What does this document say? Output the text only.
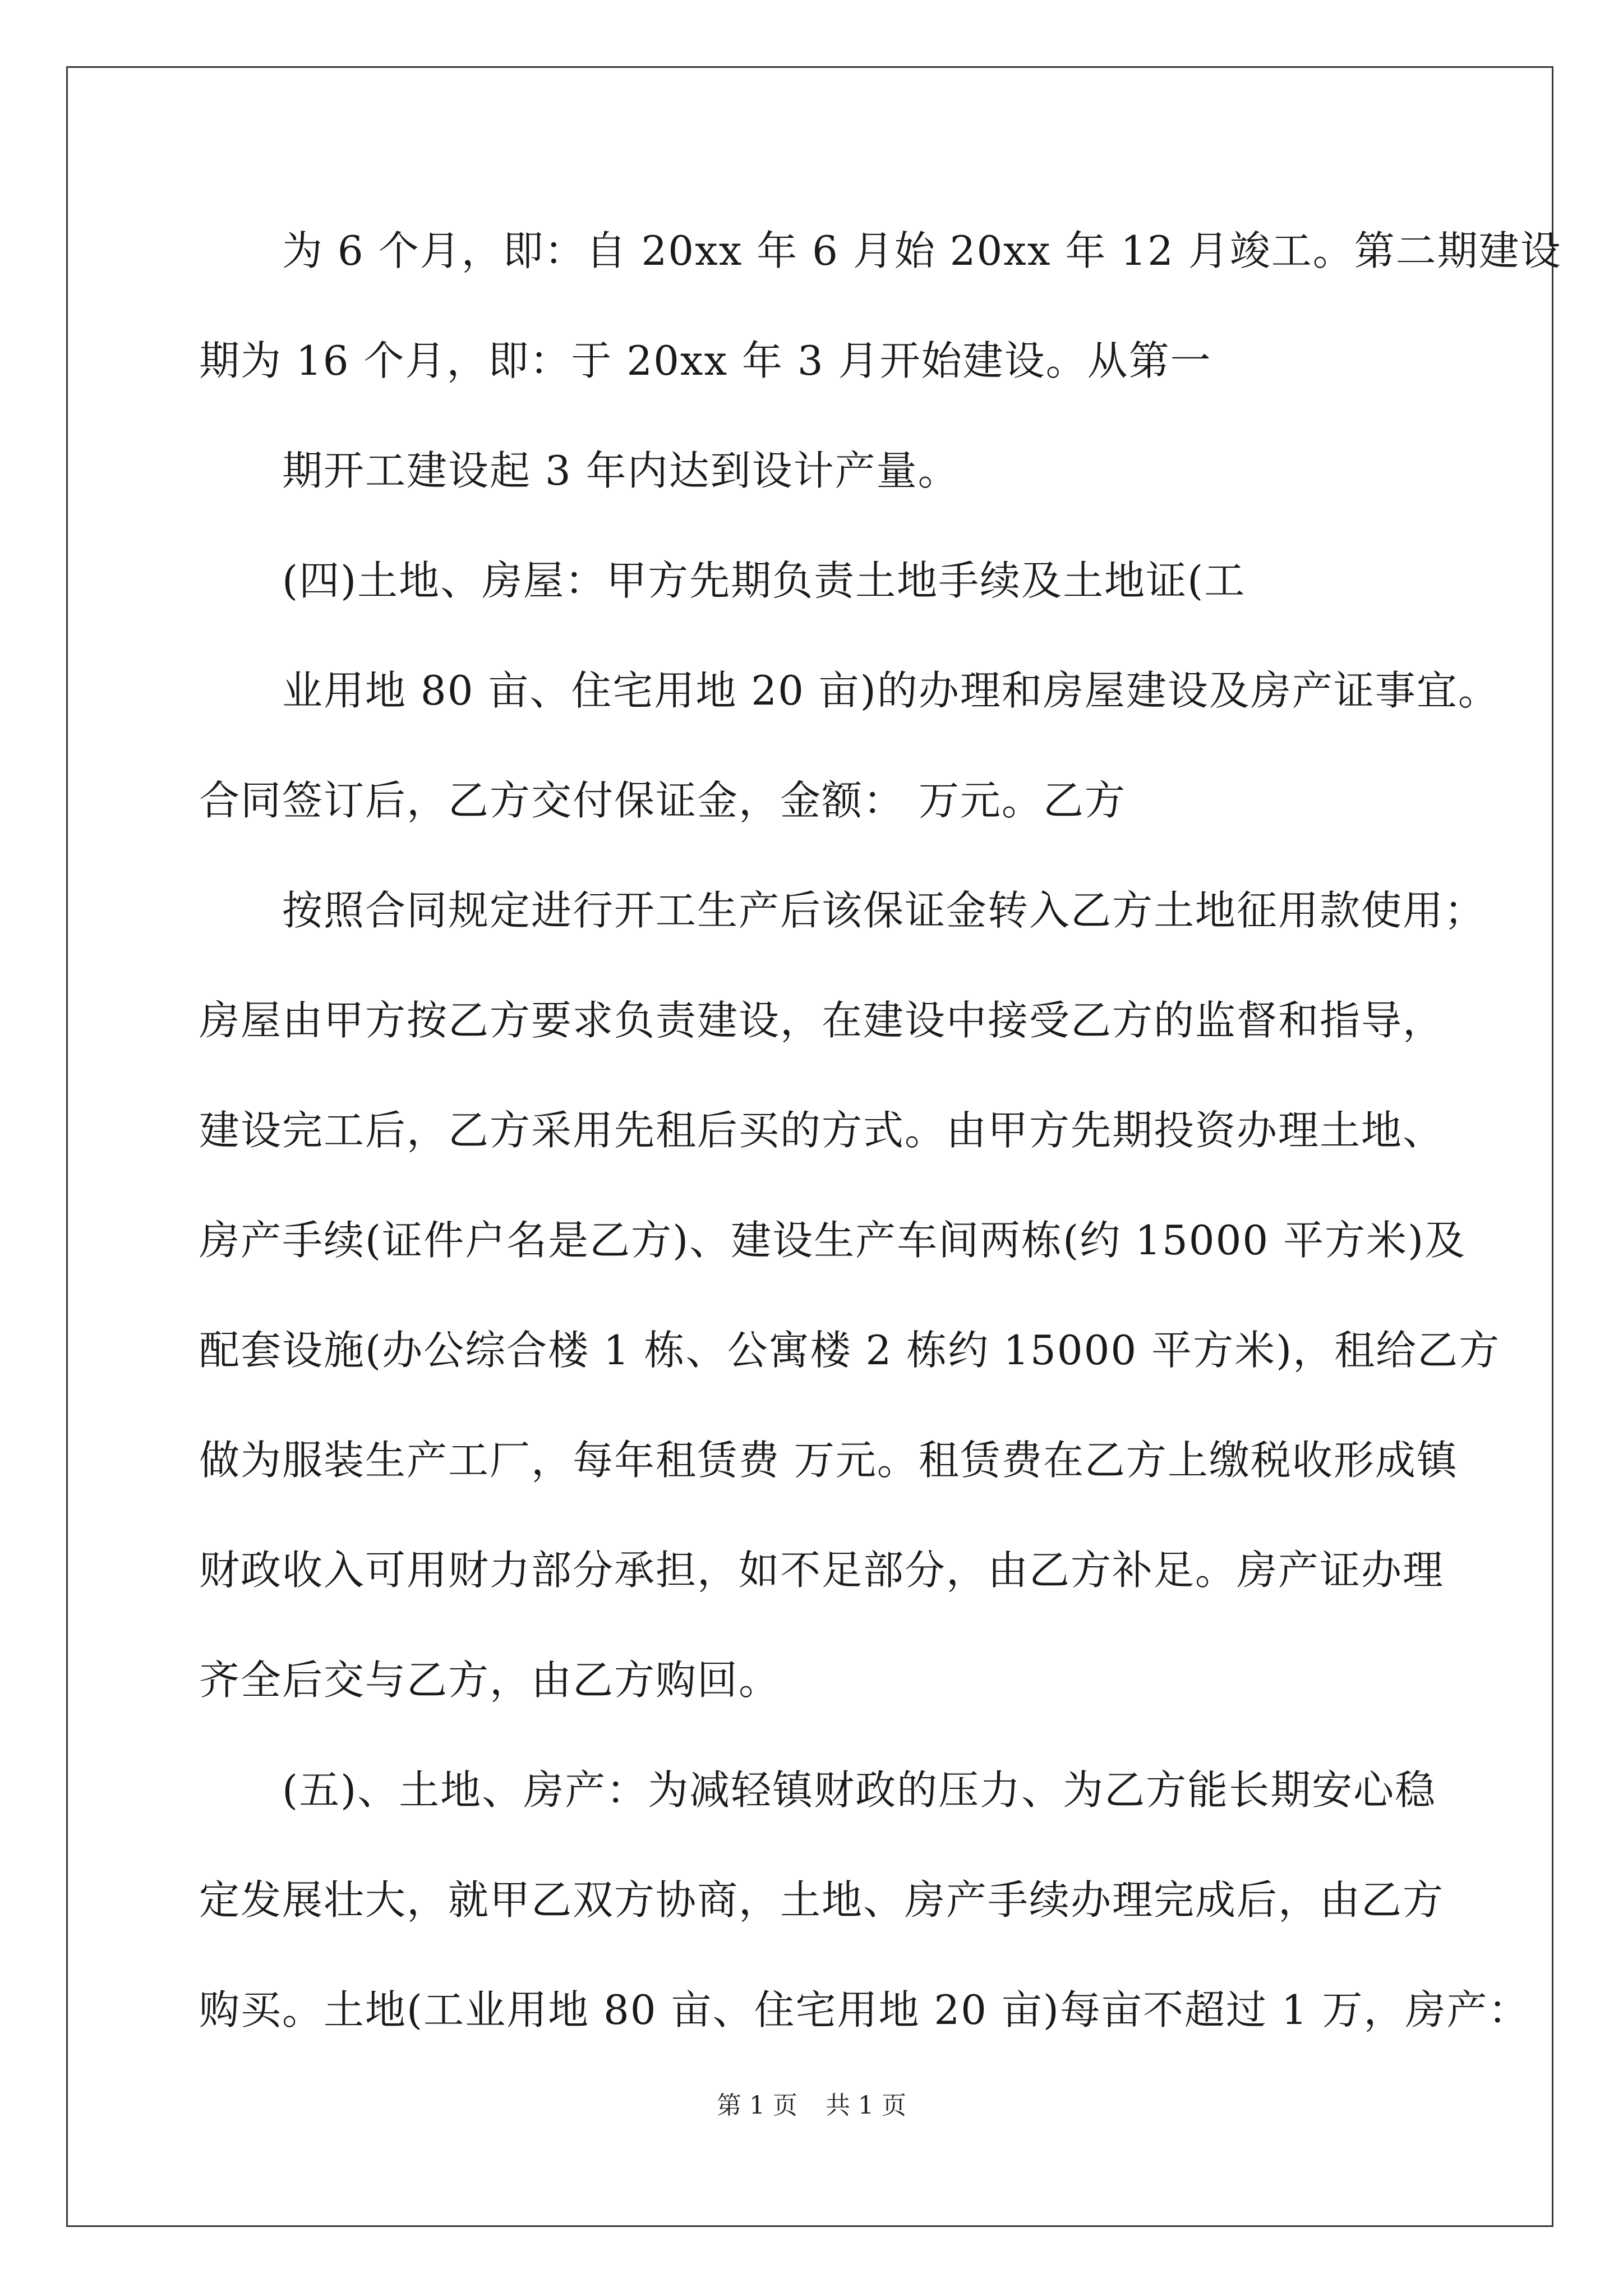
为 6 个月，即：自 20xx 年 6 月始 20xx 年 12 月竣工。第二期建设
期为 16 个月，即：于 20xx 年 3 月开始建设。从第一
期开工建设起 3 年内达到设计产量。
(四)土地、房屋：甲方先期负责土地手续及土地证(工
业用地 80 亩、住宅用地 20 亩)的办理和房屋建设及房产证事宜。
合同签订后，乙方交付保证金，金额： 万元。乙方
按照合同规定进行开工生产后该保证金转入乙方土地征用款使用；
房屋由甲方按乙方要求负责建设，在建设中接受乙方的监督和指导，
建设完工后，乙方采用先租后买的方式。由甲方先期投资办理土地、
房产手续(证件户名是乙方)、建设生产车间两栋(约 15000 平方米)及
配套设施(办公综合楼 1 栋、公寓楼 2 栋约 15000 平方米)，租给乙方
做为服装生产工厂，每年租赁费 万元。租赁费在乙方上缴税收形成镇
财政收入可用财力部分承担，如不足部分，由乙方补足。房产证办理
齐全后交与乙方，由乙方购回。
(五)、土地、房产：为减轻镇财政的压力、为乙方能长期安心稳
定发展壮大，就甲乙双方协商，土地、房产手续办理完成后，由乙方
购买。土地(工业用地 80 亩、住宅用地 20 亩)每亩不超过 1 万，房产：
第 1 页 共 1 页
